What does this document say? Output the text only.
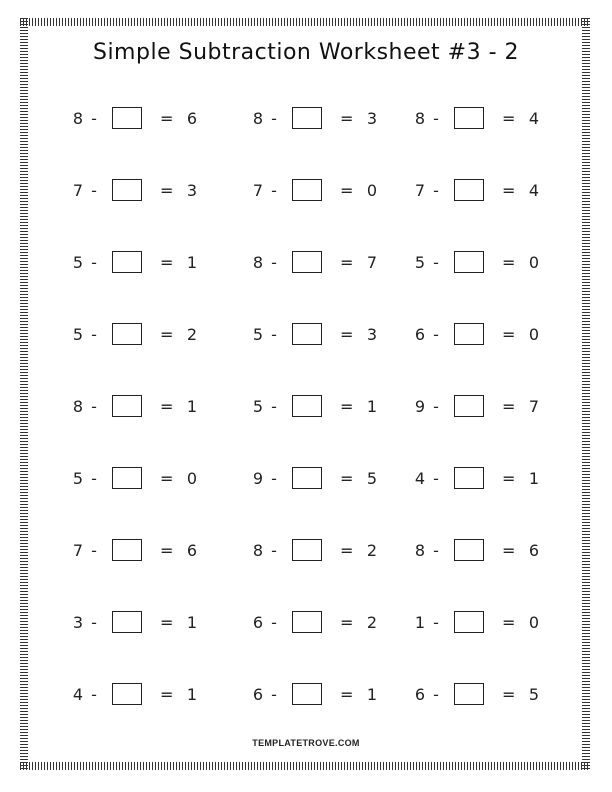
Simple Subtraction Worksheet #3 - 2
8 -	= 6	8 -	= 3 8 -	= 4
7 -	= 3	7 -	= 0 7 -	= 4
5 -	= 1	8 -	= 7 5 -	= 0
5 -	= 2	5 -	= 3 6 -	= 0
8 -	= 1	5 -	= 1 9 -	= 7
5 -	= 0	9 -	= 5 4 -	= 1
7 -	= 6	8 -	= 2 8 -	= 6
3 -	= 1	6 -	= 2 1 -	= 0
4 -	= 1	6 -	= 1 6 -	= 5
TEMPLATETROVE.COM
